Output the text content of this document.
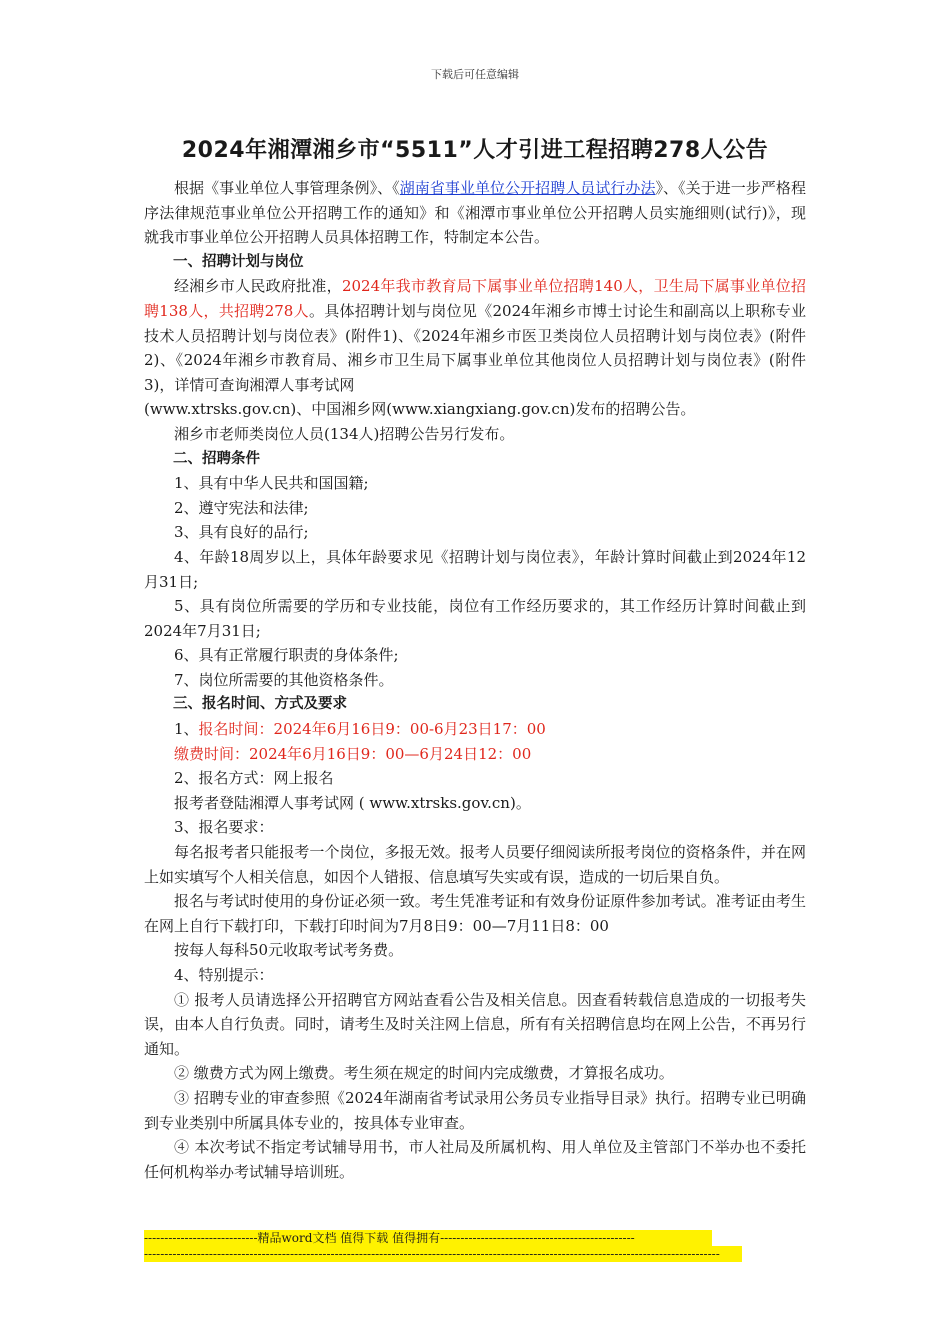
下载后可任意编辑
2024年湘潭湘乡市“5511”人才引进工程招聘278人公告

根据《事业单位人事管理条例》、《湖南省事业单位公开招聘人员试行办法》、《关于进一步严格程序法律规范事业单位公开招聘工作的通知》和《湘潭市事业单位公开招聘人员实施细则(试行)》，现就我市事业单位公开招聘人员具体招聘工作，特制定本公告。

一、招聘计划与岗位

经湘乡市人民政府批准，2024年我市教育局下属事业单位招聘140人，卫生局下属事业单位招聘138人，共招聘278人。具体招聘计划与岗位见《2024年湘乡市博士讨论生和副高以上职称专业技术人员招聘计划与岗位表》(附件1)、《2024年湘乡市医卫类岗位人员招聘计划与岗位表》(附件2)、《2024年湘乡市教育局、湘乡市卫生局下属事业单位其他岗位人员招聘计划与岗位表》(附件3)，详情可查询湘潭人事考试网

(www.xtrsks.gov.cn)、中国湘乡网(www.xiangxiang.gov.cn)发布的招聘公告。

湘乡市老师类岗位人员(134人)招聘公告另行发布。

二、招聘条件

1、具有中华人民共和国国籍;

2、遵守宪法和法律;

3、具有良好的品行;

4、年龄18周岁以上，具体年龄要求见《招聘计划与岗位表》，年龄计算时间截止到2024年12月31日;

5、具有岗位所需要的学历和专业技能，岗位有工作经历要求的，其工作经历计算时间截止到2024年7月31日;

6、具有正常履行职责的身体条件;

7、岗位所需要的其他资格条件。

三、报名时间、方式及要求

1、报名时间：2024年6月16日9：00-6月23日17：00

缴费时间：2024年6月16日9：00—6月24日12：00

2、报名方式：网上报名

报考者登陆湘潭人事考试网 ( www.xtrsks.gov.cn)。

3、报名要求：

每名报考者只能报考一个岗位，多报无效。报考人员要仔细阅读所报考岗位的资格条件，并在网上如实填写个人相关信息，如因个人错报、信息填写失实或有误，造成的一切后果自负。

报名与考试时使用的身份证必须一致。考生凭准考证和有效身份证原件参加考试。准考证由考生在网上自行下载打印，下载打印时间为7月8日9：00—7月11日8：00

按每人每科50元收取考试考务费。

4、特别提示：

① 报考人员请选择公开招聘官方网站查看公告及相关信息。因查看转载信息造成的一切报考失误，由本人自行负责。同时，请考生及时关注网上信息，所有有关招聘信息均在网上公告，不再另行通知。

② 缴费方式为网上缴费。考生须在规定的时间内完成缴费，才算报名成功。

③ 招聘专业的审查参照《2024年湖南省考试录用公务员专业指导目录》执行。招聘专业已明确到专业类别中所属具体专业的，按具体专业审查。

④ 本次考试不指定考试辅导用书，市人社局及所属机构、用人单位及主管部门不举办也不委托任何机构举办考试辅导培训班。

----------------------------精品word文档 值得下载 值得拥有------------------------------------------------
----------------------------------------------------------------------------------------------------------------------------------------------
